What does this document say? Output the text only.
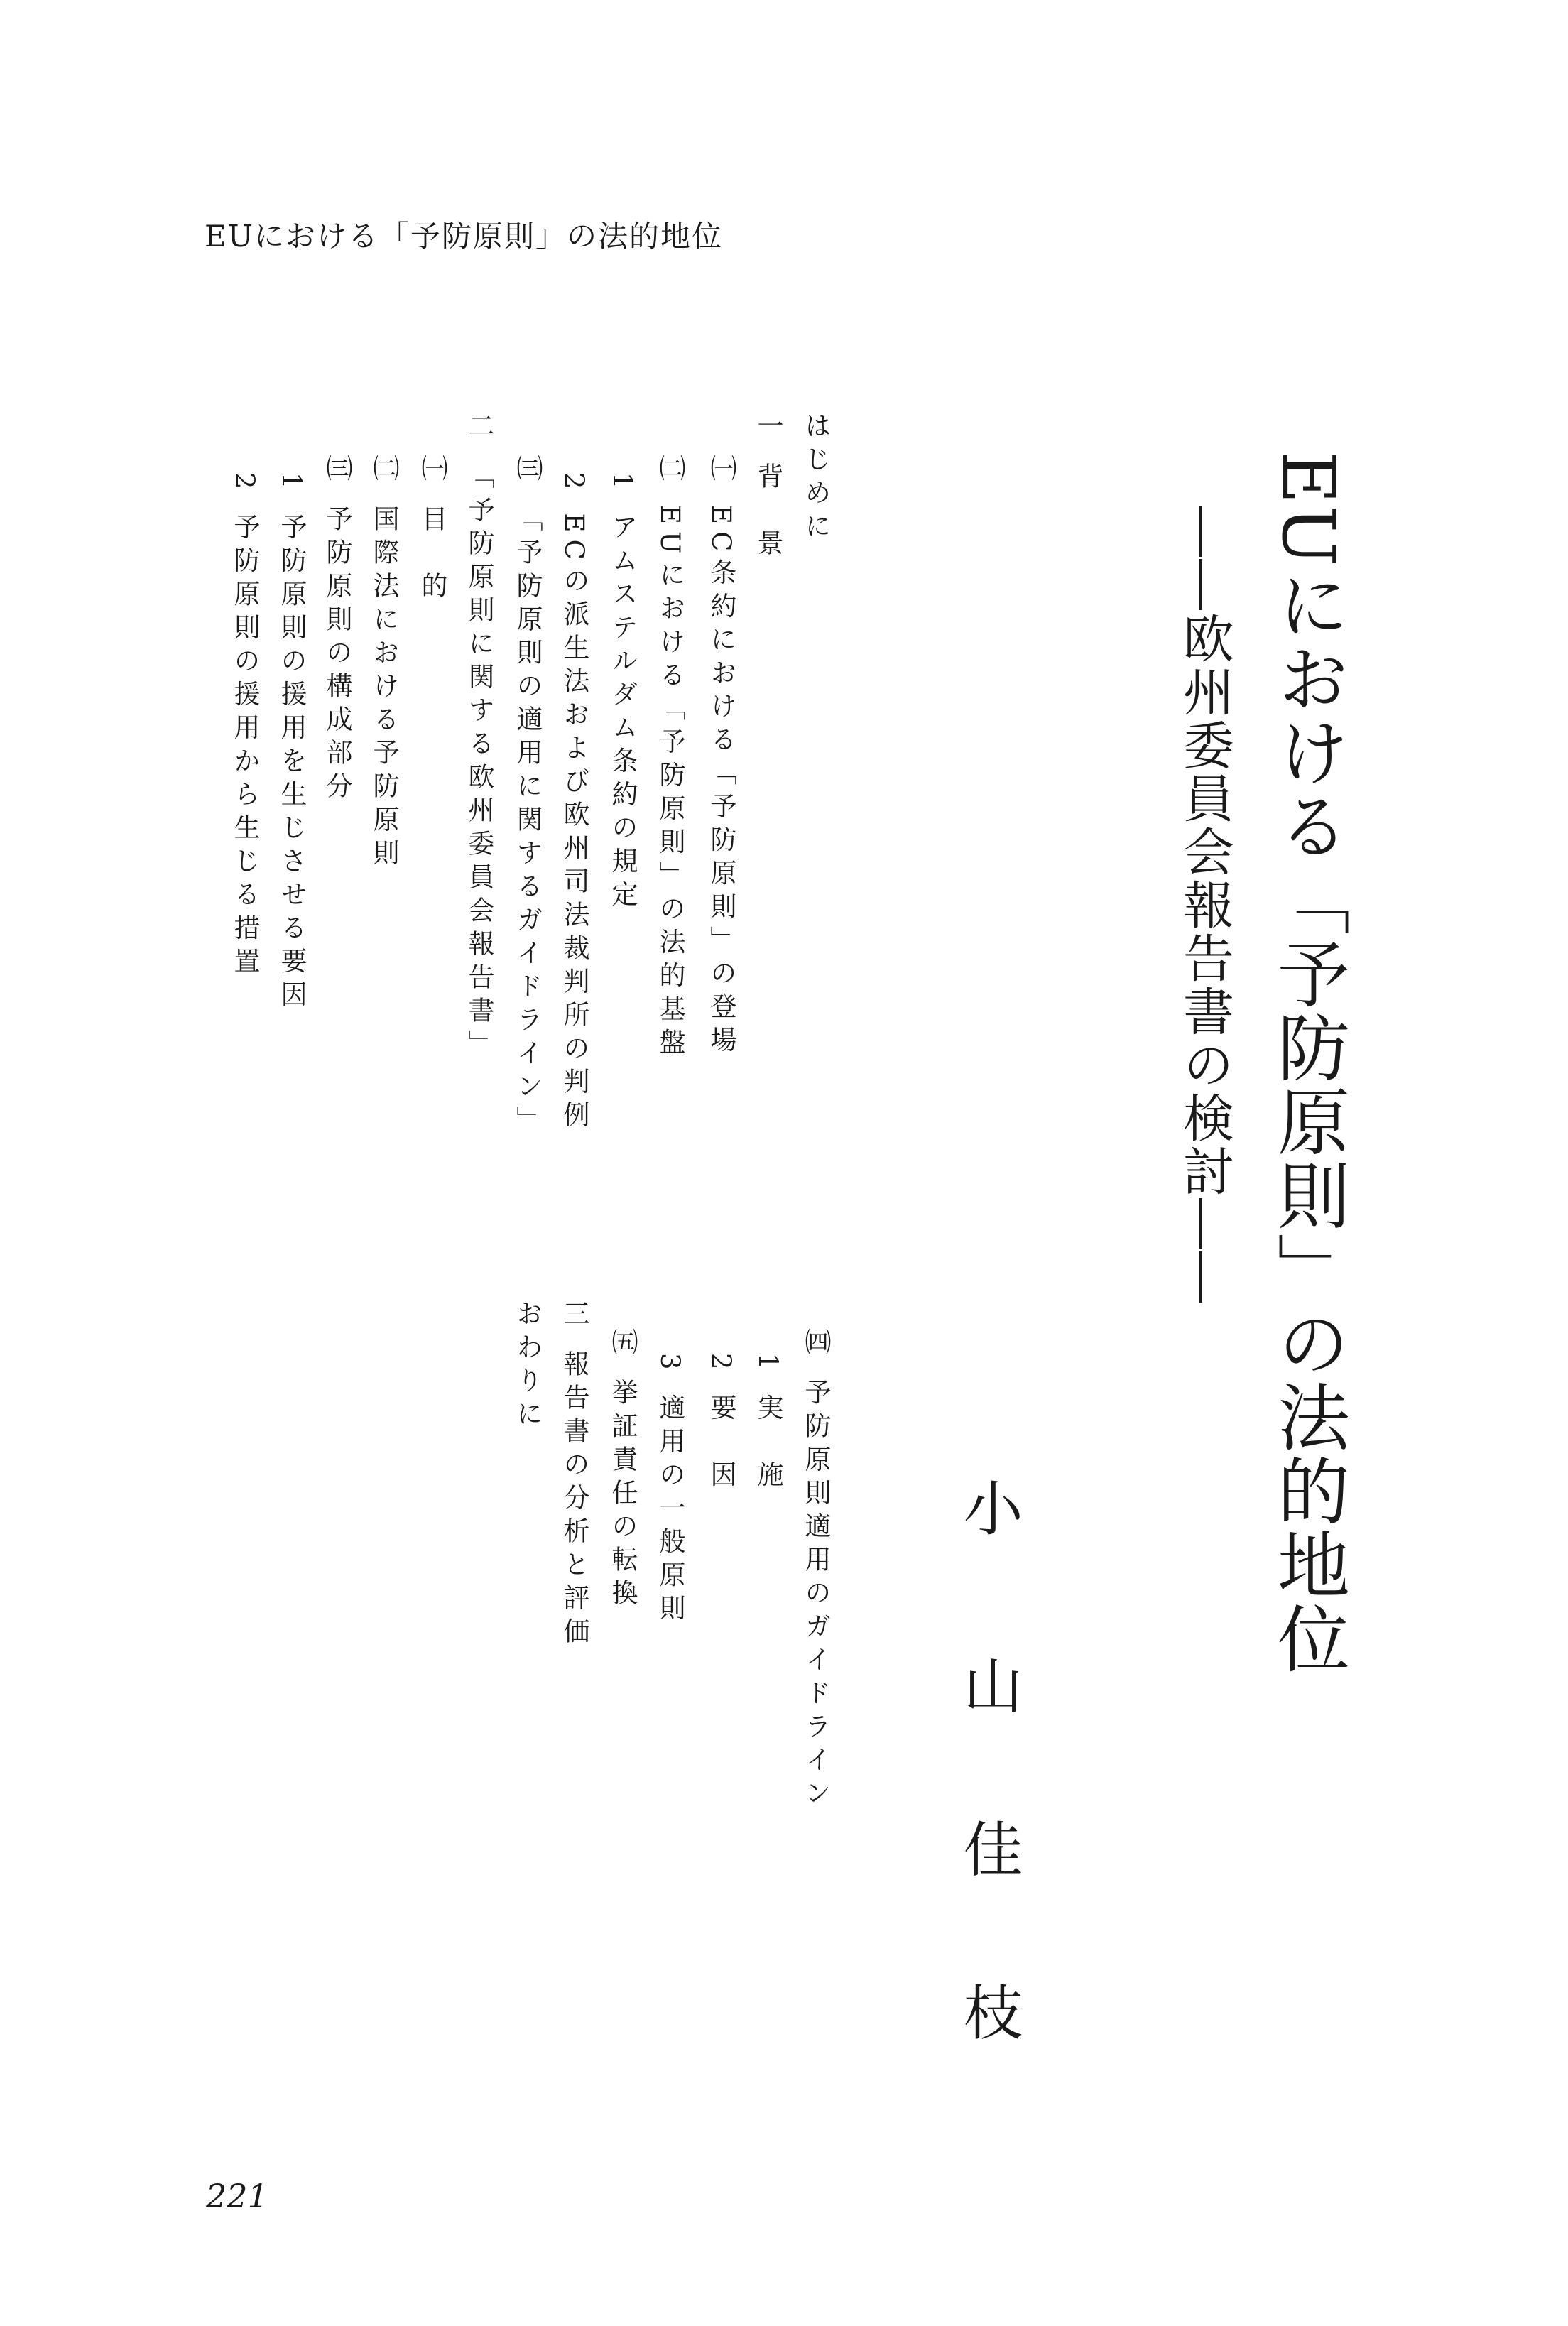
EUにおける「予防原則」の法的地位
EUにおける「予防原則」の法的地位
――欧州委員会報告書の検討――
小
山
佳
枝
はじめに
一背　景
㈠EC条約における「予防原則」の登場
㈡EUにおける「予防原則」の法的基盤
1アムステルダム条約の規定
2ECの派生法および欧州司法裁判所の判例
㈢「予防原則の適用に関するガイドライン」
二「予防原則に関する欧州委員会報告書」
㈠目　的
㈡国際法における予防原則
㈢予防原則の構成部分
1予防原則の援用を生じさせる要因
2予防原則の援用から生じる措置
㈣予防原則適用のガイドライン
1実　施
2要　因
3適用の一般原則
㈤挙証責任の転換
三報告書の分析と評価
おわりに
221
